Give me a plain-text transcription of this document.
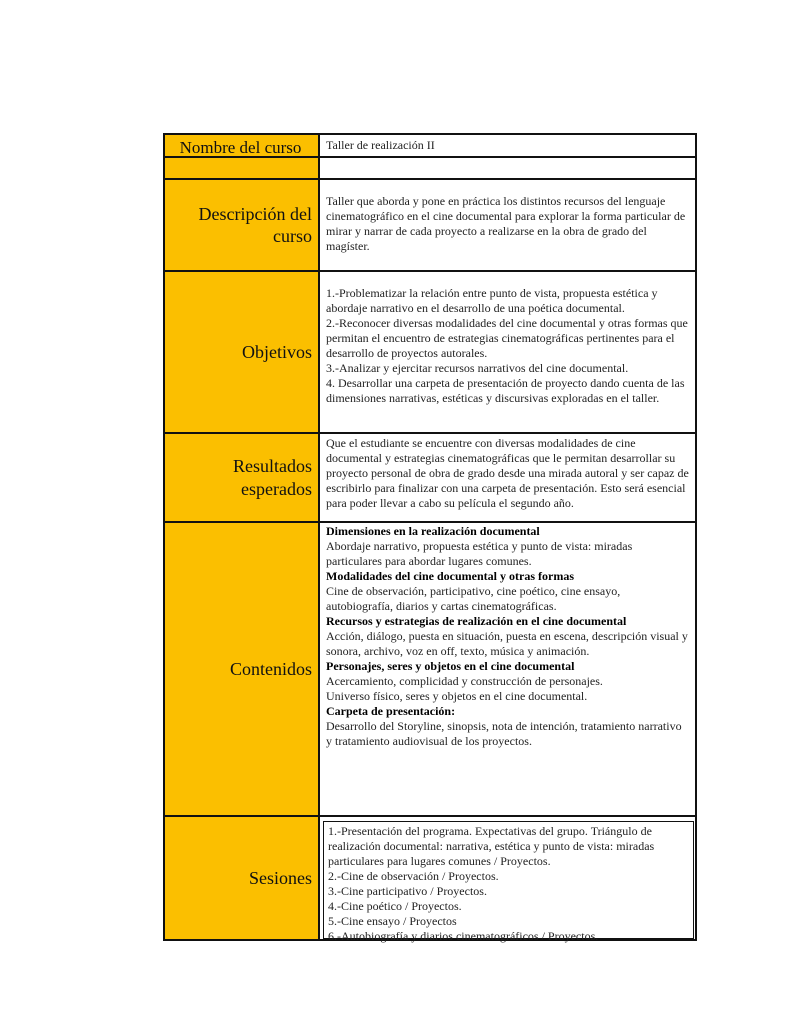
Nombre del curso	Taller de realización II
Descripción del curso
Taller que aborda y pone en práctica los distintos recursos del lenguaje cinematográfico en el cine documental para explorar la forma particular de mirar y narrar de cada proyecto a realizarse en la obra de grado del magíster.
Objetivos

1.-Problematizar la relación entre punto de vista, propuesta estética y abordaje narrativo en el desarrollo de una poética documental.

2.-Reconocer diversas modalidades del cine documental y otras formas que permitan el encuentro de estrategias cinematográficas pertinentes para el desarrollo de proyectos autorales.

3.-Analizar y ejercitar recursos narrativos del cine documental.

4. Desarrollar una carpeta de presentación de proyecto dando cuenta de las dimensiones narrativas, estéticas y discursivas exploradas en el taller.

Resultados esperados
Que el estudiante se encuentre con diversas modalidades de cine documental y estrategias cinematográficas que le permitan desarrollar su proyecto personal de obra de grado desde una mirada autoral y ser capaz de escribirlo para finalizar con una carpeta de presentación. Esto será esencial para poder llevar a cabo su película el segundo año.
Contenidos

Dimensiones en la realización documental

Abordaje narrativo, propuesta estética y punto de vista: miradas particulares para abordar lugares comunes.

Modalidades del cine documental y otras formas

Cine de observación, participativo, cine poético, cine ensayo, autobiografía, diarios y cartas cinematográficas.

Recursos y estrategias de realización en el cine documental

Acción, diálogo, puesta en situación, puesta en escena, descripción visual y sonora, archivo, voz en off, texto, música y animación.

Personajes, seres y objetos en el cine documental

Acercamiento, complicidad y construcción de personajes.

Universo físico, seres y objetos en el cine documental.

Carpeta de presentación:

Desarrollo del Storyline, sinopsis, nota de intención, tratamiento narrativo y tratamiento audiovisual de los proyectos.

Sesiones

1.-Presentación del programa. Expectativas del grupo. Triángulo de realización documental: narrativa, estética y punto de vista: miradas particulares para lugares comunes / Proyectos.

2.-Cine de observación / Proyectos.

3.-Cine participativo / Proyectos.

4.-Cine poético / Proyectos.

5.-Cine ensayo / Proyectos

6.-Autobiografía y diarios cinematográficos / Proyectos.
